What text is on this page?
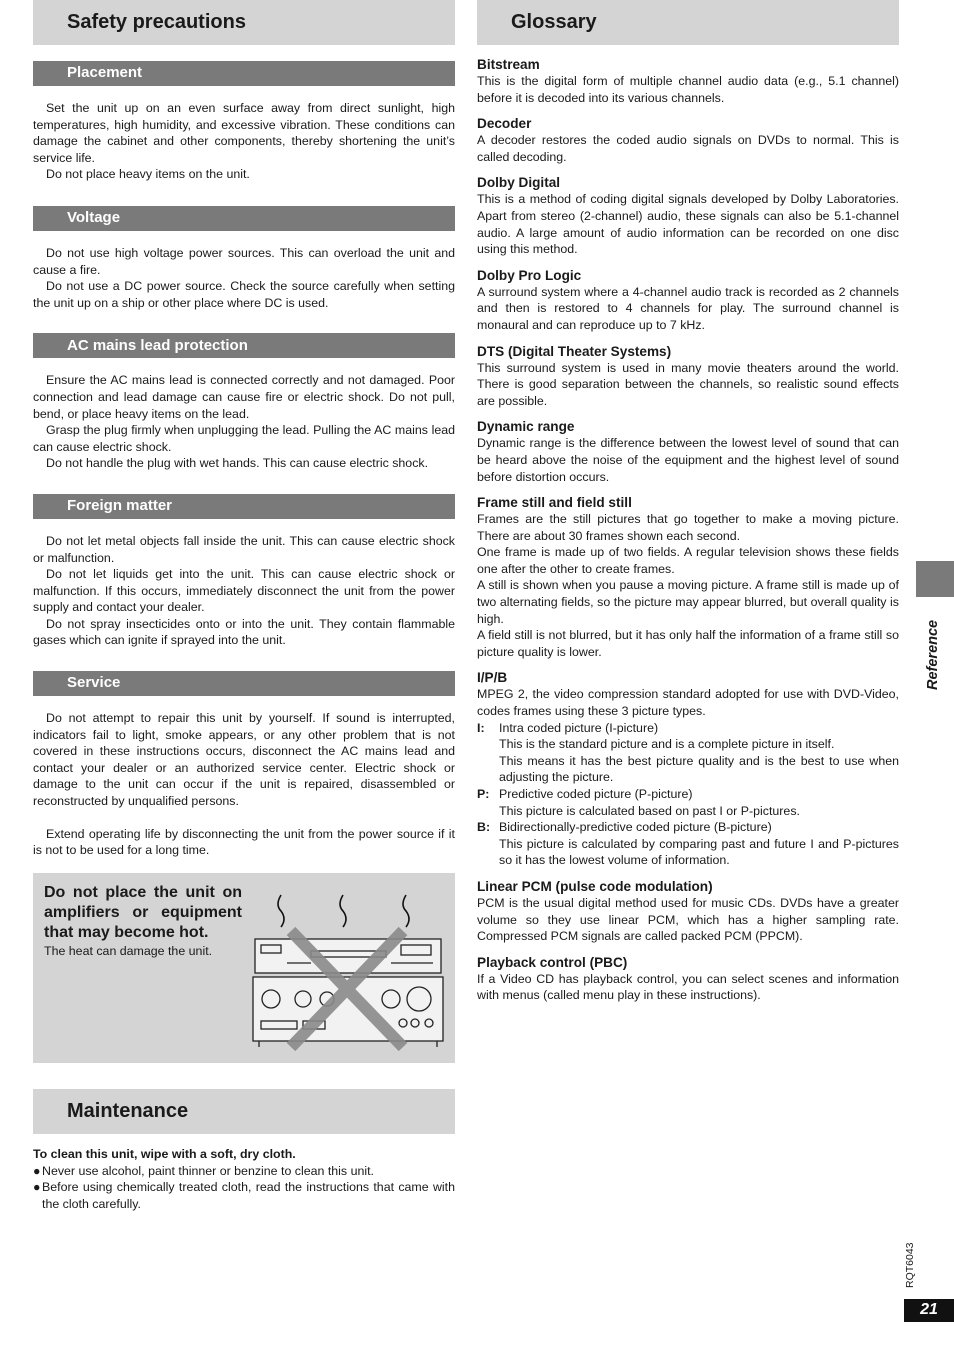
Safety precautions
Placement

Set the unit up on an even surface away from direct sunlight, high temperatures, high humidity, and excessive vibration. These conditions can damage the cabinet and other components, thereby shortening the unit’s service life.

Do not place heavy items on the unit.

Voltage

Do not use high voltage power sources. This can overload the unit and cause a fire.

Do not use a DC power source. Check the source carefully when setting the unit up on a ship or other place where DC is used.

AC mains lead protection

Ensure the AC mains lead is connected correctly and not damaged. Poor connection and lead damage can cause fire or electric shock. Do not pull, bend, or place heavy items on the lead.

Grasp the plug firmly when unplugging the lead. Pulling the AC mains lead can cause electric shock.

Do not handle the plug with wet hands. This can cause electric shock.

Foreign matter

Do not let metal objects fall inside the unit. This can cause electric shock or malfunction.

Do not let liquids get into the unit. This can cause electric shock or malfunction. If this occurs, immediately disconnect the unit from the power supply and contact your dealer.

Do not spray insecticides onto or into the unit. They contain flammable gases which can ignite if sprayed into the unit.

Service

Do not attempt to repair this unit by yourself. If sound is interrupted, indicators fail to light, smoke appears, or any other problem that is not covered in these instructions occurs, disconnect the AC mains lead and contact your dealer or an authorized service center. Electric shock or damage to the unit can occur if the unit is repaired, disassembled or reconstructed by unqualified persons.

Extend operating life by disconnecting the unit from the power source if it is not to be used for a long time.

Do not place the unit on amplifiers or equipment that may become hot.

The heat can damage the unit.

Maintenance

To clean this unit, wipe with a soft, dry cloth.

● Never use alcohol, paint thinner or benzine to clean this unit.
● Before using chemically treated cloth, read the instructions that came with the cloth carefully.
Glossary

Bitstream

This is the digital form of multiple channel audio data (e.g., 5.1 channel) before it is decoded into its various channels.

Decoder

A decoder restores the coded audio signals on DVDs to normal. This is called decoding.

Dolby Digital

This is a method of coding digital signals developed by Dolby Laboratories. Apart from stereo (2-channel) audio, these signals can also be 5.1-channel audio. A large amount of audio information can be recorded on one disc using this method.

Dolby Pro Logic

A surround system where a 4-channel audio track is recorded as 2 channels and then is restored to 4 channels for play. The surround channel is monaural and can reproduce up to 7 kHz.

DTS (Digital Theater Systems)

This surround system is used in many movie theaters around the world. There is good separation between the channels, so realistic sound effects are possible.

Dynamic range

Dynamic range is the difference between the lowest level of sound that can be heard above the noise of the equipment and the highest level of sound before distortion occurs.

Frame still and field still

Frames are the still pictures that go together to make a moving picture. There are about 30 frames shown each second.

One frame is made up of two fields. A regular television shows these fields one after the other to create frames.

A still is shown when you pause a moving picture. A frame still is made up of two alternating fields, so the picture may appear blurred, but overall quality is high.

A field still is not blurred, but it has only half the information of a frame still so picture quality is lower.

I/P/B

MPEG 2, the video compression standard adopted for use with DVD-Video, codes frames using these 3 picture types.

I:	Intra coded picture (I-picture)
This is the standard picture and is a complete picture in itself.
This means it has the best picture quality and is the best to use when adjusting the picture.
P: Predictive coded picture (P-picture)
This picture is calculated based on past I or P-pictures.
B: Bidirectionally-predictive coded picture (B-picture)
This picture is calculated by comparing past and future I and P-pictures so it has the lowest volume of information.

Linear PCM (pulse code modulation)

PCM is the usual digital method used for music CDs. DVDs have a greater volume so they use linear PCM, which has a higher sampling rate. Compressed PCM signals are called packed PCM (PPCM).

Playback control (PBC)

If a Video CD has playback control, you can select scenes and information with menus (called menu play in these instructions).

Reference
RQT6043
21
